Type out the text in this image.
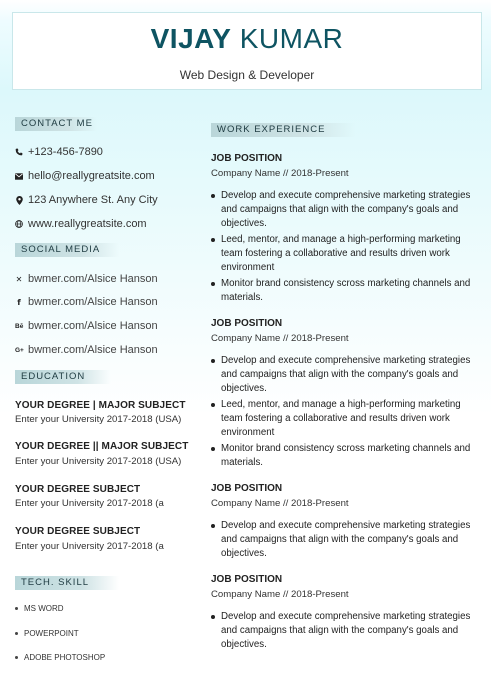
VIJAY KUMAR
Web Design & Developer
CONTACT ME
+123-456-7890
hello@reallygreatsite.com
123 Anywhere St. Any City
www.reallygreatsite.com
SOCIAL MEDIA
✕ bwmer.com/Alsice Hanson
f bwmer.com/Alsice Hanson
Bē bwmer.com/Alsice Hanson
G+ bwmer.com/Alsice Hanson
EDUCATION
YOUR DEGREE | MAJOR SUBJECT
Enter your University 2017-2018 (USA)
YOUR DEGREE || MAJOR SUBJECT
Enter your University 2017-2018 (USA)
YOUR DEGREE SUBJECT
Enter your University 2017-2018 (a
YOUR DEGREE SUBJECT
Enter your University 2017-2018 (a
TECH. SKILL
MS WORD
POWERPOINT
ADOBE PHOTOSHOP
WORK EXPERIENCE
JOB POSITION
Company Name // 2018-Present
Develop and execute comprehensive marketing strategies and campaigns that align with the company's goals and objectives.
Leed, mentor, and manage a high-performing marketing team fostering a collaborative and results driven work environment
Monitor brand consistency scross marketing channels and materials.
JOB POSITION
Company Name // 2018-Present
Develop and execute comprehensive marketing strategies and campaigns that align with the company's goals and objectives.
Leed, mentor, and manage a high-performing marketing team fostering a collaborative and results driven work environment
Monitor brand consistency scross marketing channels and materials.
JOB POSITION
Company Name // 2018-Present
Develop and execute comprehensive marketing strategies and campaigns that align with the company's goals and objectives.
JOB POSITION
Company Name // 2018-Present
Develop and execute comprehensive marketing strategies and campaigns that align with the company's goals and objectives.
